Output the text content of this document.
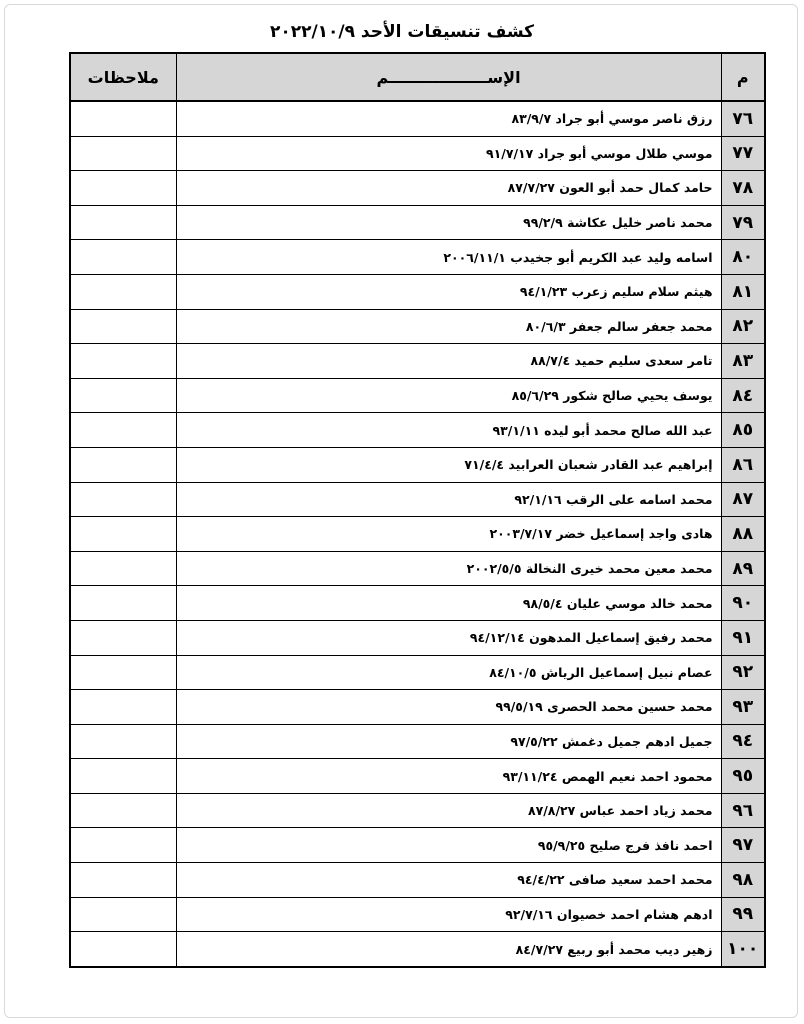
كشف تنسيقات الأحد ٢٠٢٢/١٠/٩
م	الإســــــــــــــــــم	ملاحظات
٧٦	رزق ناصر موسي أبو جراد ٨٣/٩/٧	
٧٧	موسي طلال موسي أبو جراد ٩١/٧/١٧	
٧٨	حامد كمال حمد أبو العون ٨٧/٧/٢٧	
٧٩	محمد ناصر خليل عكاشة ٩٩/٢/٩	
٨٠	اسامه وليد عبد الكريم أبو جخيدب ٢٠٠٦/١١/١	
٨١	هيثم سلام سليم زعرب ٩٤/١/٢٣	
٨٢	محمد جعفر سالم جعفر ٨٠/٦/٣	
٨٣	تامر سعدى سليم حميد ٨٨/٧/٤	
٨٤	يوسف يحيي صالح شكور ٨٥/٦/٢٩	
٨٥	عبد الله صالح محمد أبو ليده ٩٣/١/١١	
٨٦	إبراهيم عبد القادر شعبان العرابيد ٧١/٤/٤	
٨٧	محمد اسامه على الرقب ٩٢/١/١٦	
٨٨	هادى واجد إسماعيل خضر ٢٠٠٣/٧/١٧	
٨٩	محمد معين محمد خيرى النخالة ٢٠٠٢/٥/٥	
٩٠	محمد خالد موسي عليان ٩٨/٥/٤	
٩١	محمد رفيق إسماعيل المدهون ٩٤/١٢/١٤	
٩٢	عصام نبيل إسماعيل الرياش ٨٤/١٠/٥	
٩٣	محمد حسين محمد الحصرى ٩٩/٥/١٩	
٩٤	جميل ادهم جميل دغمش ٩٧/٥/٢٢	
٩٥	محمود احمد نعيم الهمص ٩٣/١١/٢٤	
٩٦	محمد زياد احمد عباس ٨٧/٨/٢٧	
٩٧	احمد نافذ فرج صليح ٩٥/٩/٢٥	
٩٨	محمد احمد سعيد صافى ٩٤/٤/٢٢	
٩٩	ادهم هشام احمد خصيوان ٩٢/٧/١٦	
١٠٠	زهير ديب محمد أبو ربيع ٨٤/٧/٢٧	
